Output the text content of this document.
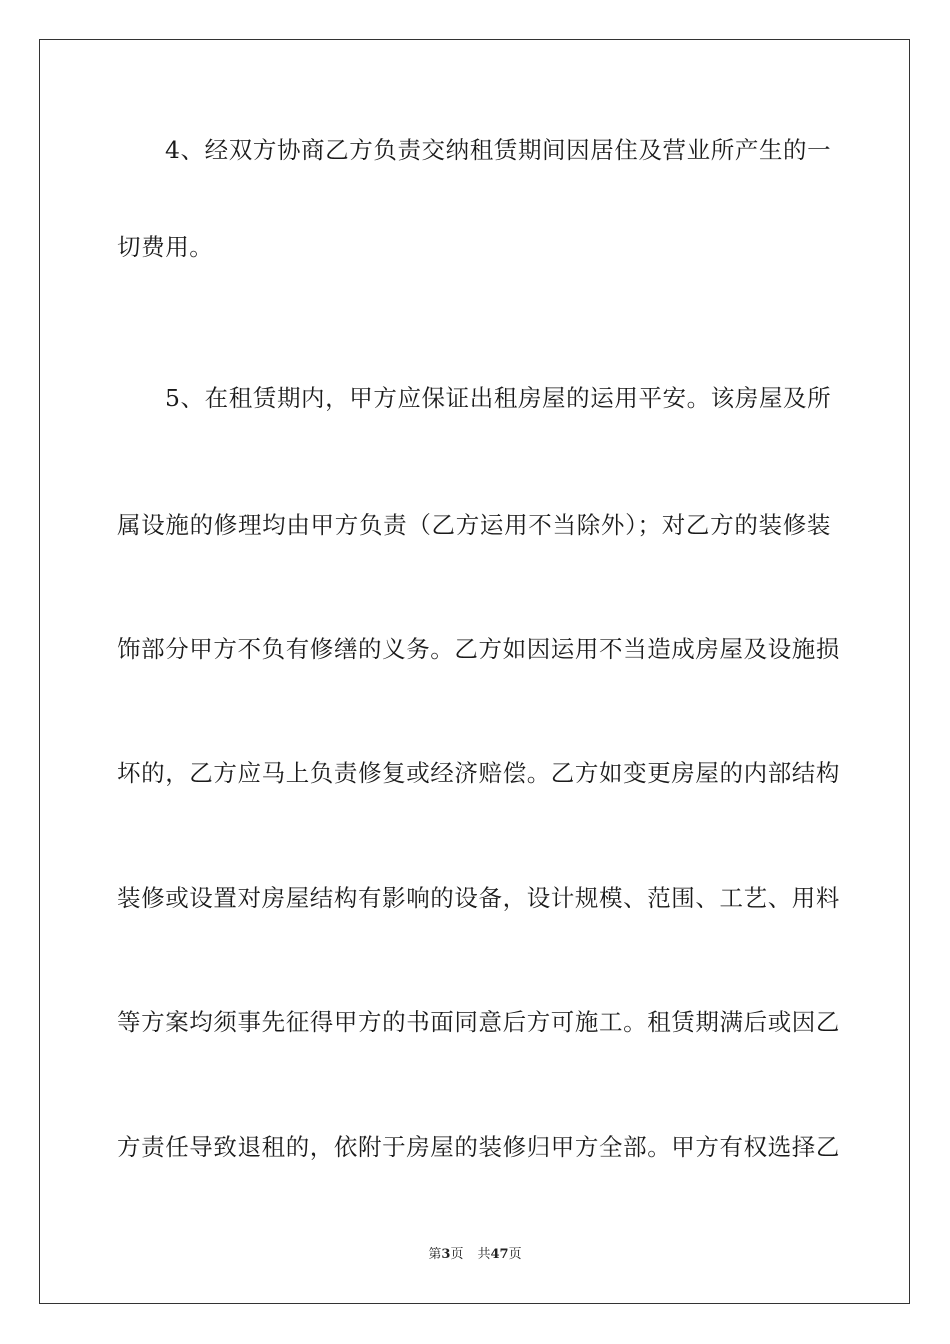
4、经双方协商乙方负责交纳租赁期间因居住及营业所产生的一
切费用。
5、在租赁期内，甲方应保证出租房屋的运用平安。该房屋及所
属设施的修理均由甲方负责（乙方运用不当除外）；对乙方的装修装
饰部分甲方不负有修缮的义务。乙方如因运用不当造成房屋及设施损
坏的，乙方应马上负责修复或经济赔偿。乙方如变更房屋的内部结构
装修或设置对房屋结构有影响的设备，设计规模、范围、工艺、用料
等方案均须事先征得甲方的书面同意后方可施工。租赁期满后或因乙
方责任导致退租的，依附于房屋的装修归甲方全部。甲方有权选择乙
第3页 共47页
